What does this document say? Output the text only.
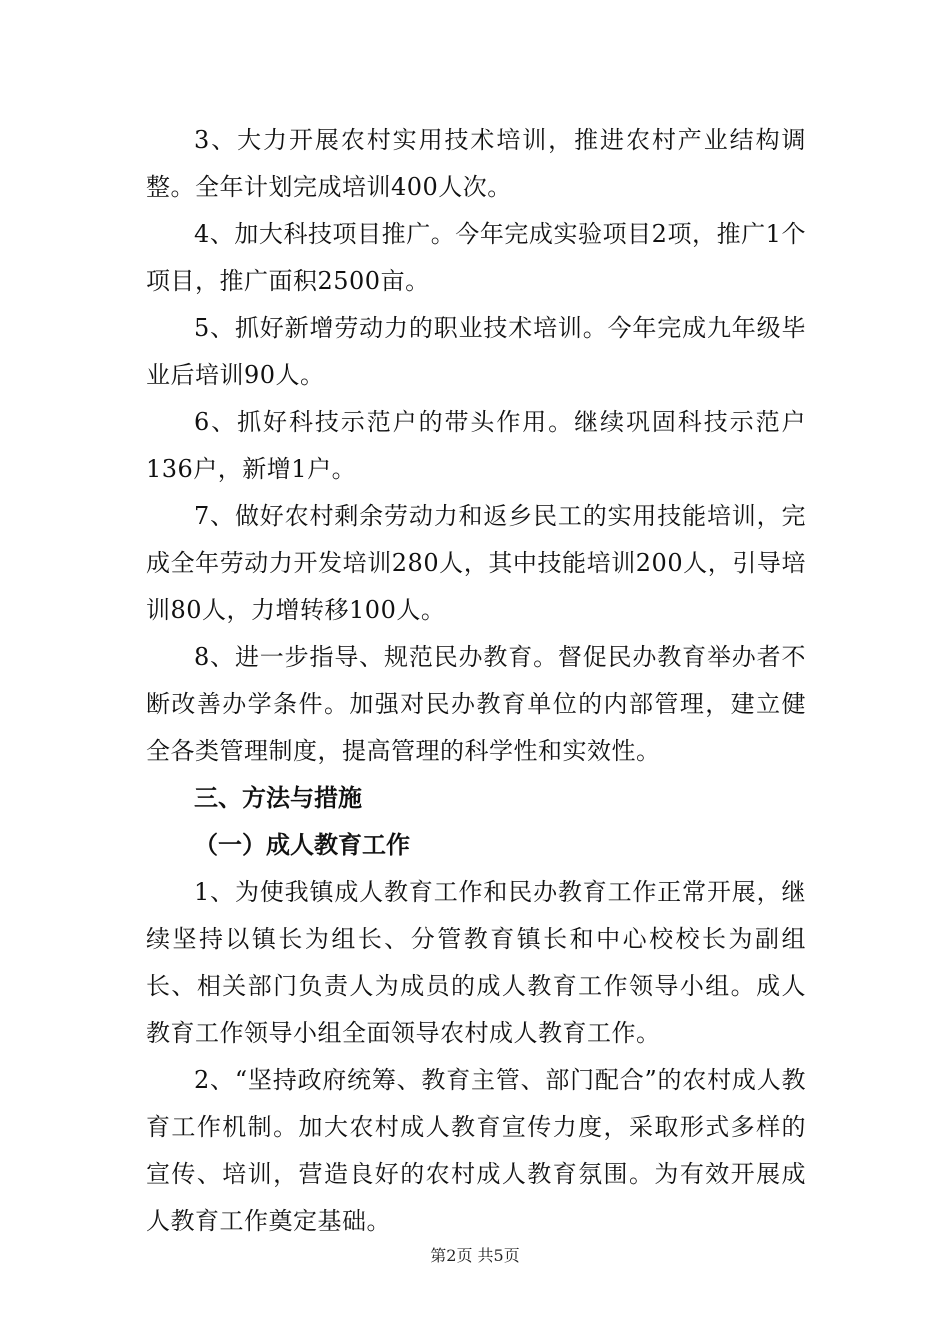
3、大力开展农村实用技术培训，推进农村产业结构调整。全年计划完成培训400人次。

4、加大科技项目推广。今年完成实验项目2项，推广1个项目，推广面积2500亩。

5、抓好新增劳动力的职业技术培训。今年完成九年级毕业后培训90人。

6、抓好科技示范户的带头作用。继续巩固科技示范户136户，新增1户。

7、做好农村剩余劳动力和返乡民工的实用技能培训，完成全年劳动力开发培训280人，其中技能培训200人，引导培训80人，力增转移100人。

8、进一步指导、规范民办教育。督促民办教育举办者不断改善办学条件。加强对民办教育单位的内部管理，建立健全各类管理制度，提高管理的科学性和实效性。

三、方法与措施

（一）成人教育工作

1、为使我镇成人教育工作和民办教育工作正常开展，继续坚持以镇长为组长、分管教育镇长和中心校校长为副组长、相关部门负责人为成员的成人教育工作领导小组。成人教育工作领导小组全面领导农村成人教育工作。

2、“坚持政府统筹、教育主管、部门配合”的农村成人教育工作机制。加大农村成人教育宣传力度，采取形式多样的宣传、培训，营造良好的农村成人教育氛围。为有效开展成人教育工作奠定基础。

第2页 共5页
